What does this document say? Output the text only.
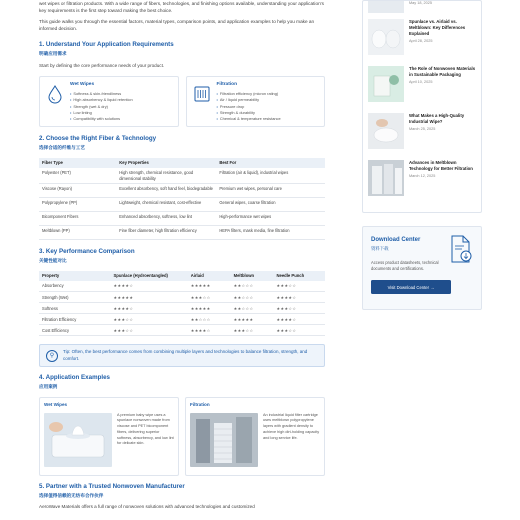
wet wipes or filtration products. With a wide range of fibers, technologies, and finishing options available, understanding your application's key requirements is the first step toward making the best choice.

This guide walks you through the essential factors, material types, comparison points, and application examples to help you make an informed decision.

1. Understand Your Application Requirements
明确应用需求
Start by defining the core performance needs of your product.
Wet Wipes
• Softness & skin-friendliness
• High absorbency & liquid retention
• Strength (wet & dry)
• Low linting
• Compatibility with solutions
Filtration
• Filtration efficiency (micron rating)
• Air / liquid permeability
• Pressure drop
• Strength & durability
• Chemical & temperature resistance
2. Choose the Right Fiber & Technology
选择合适的纤维与工艺
Fiber Type	Key Properties	Best For
Polyester (PET)	High strength, chemical resistance, good dimensional stability	Filtration (air & liquid), industrial wipes
Viscose (Rayon)	Excellent absorbency, soft hand feel, biodegradable	Premium wet wipes, personal care
Polypropylene (PP)	Lightweight, chemical resistant, cost-effective	General wipes, coarse filtration
Bicomponent Fibers	Enhanced absorbency, softness, low lint	High-performance wet wipes
Meltblown (PP)	Fine fiber diameter, high filtration efficiency	HEPA filters, mask media, fine filtration
3. Key Performance Comparison
关键性能对比
Property	Spunlace (Hydroentangled)	Airlaid	Meltblown	Needle Punch
Absorbency	★★★★☆	★★★★★	★★☆☆☆	★★★☆☆
Strength (Wet)	★★★★★	★★★☆☆	★★☆☆☆	★★★★☆
Softness	★★★★☆	★★★★★	★★☆☆☆	★★★☆☆
Filtration Efficiency	★★★☆☆	★★☆☆☆	★★★★★	★★★★☆
Cost Efficiency	★★★☆☆	★★★★☆	★★★☆☆	★★★☆☆
⚲

Tip: Often, the best performance comes from combining multiple layers and technologies to balance filtration, strength, and comfort.

4. Application Examples
应用案例
Wet Wipes

A premium baby wipe uses a spunlace nonwoven made from viscose and PET bicomponent fibers, delivering superior softness, absorbency, and low lint for delicate skin.

Filtration

An industrial liquid filter cartridge uses meltblown polypropylene layers with gradient density to achieve high dirt-holding capacity and long service life.

5. Partner with a Trusted Nonwoven Manufacturer
选择值得信赖的无纺布合作伙伴
AeroWave Materials offers a full range of nonwoven solutions with advanced technologies and customized
May 18, 2025
Spunlace vs. Airlaid vs. Meltblown: Key Differences Explained
April 28, 2025
The Role of Nonwoven Materials in Sustainable Packaging
April 10, 2025
What Makes a High-Quality Industrial Wipe?
March 25, 2025
Advances in Meltblown Technology for Better Filtration
March 12, 2025
Download Center
资料下载

Access product datasheets, technical documents and certifications.

Visit Download Center →
